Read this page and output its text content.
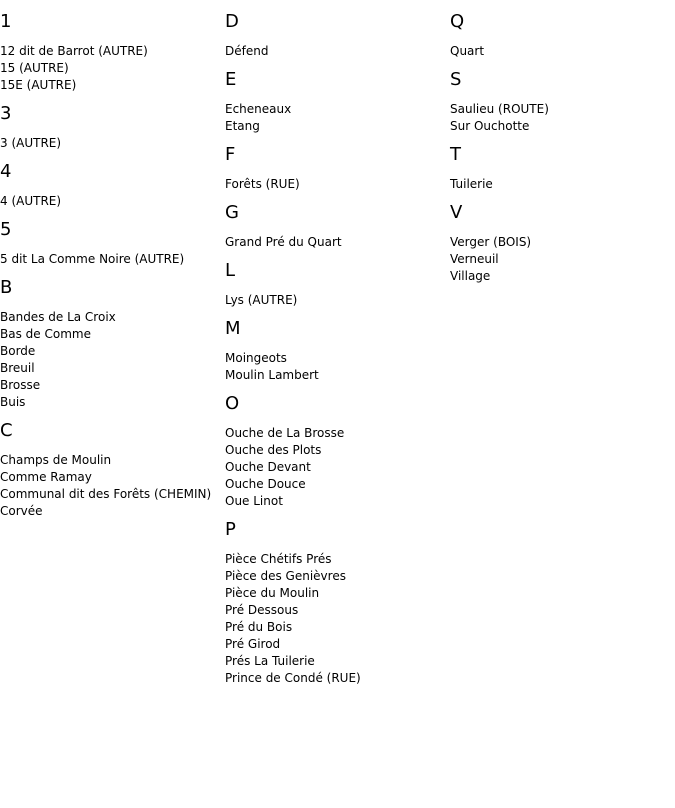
1
12 dit de Barrot (AUTRE)
15 (AUTRE)
15E (AUTRE)
3
3 (AUTRE)
4
4 (AUTRE)
5
5 dit La Comme Noire (AUTRE)
B
Bandes de La Croix
Bas de Comme
Borde
Breuil
Brosse
Buis
C
Champs de Moulin
Comme Ramay
Communal dit des Forêts (CHEMIN)
Corvée
D
Défend
E
Echeneaux
Etang
F
Forêts (RUE)
G
Grand Pré du Quart
L
Lys (AUTRE)
M
Moingeots
Moulin Lambert
O
Ouche de La Brosse
Ouche des Plots
Ouche Devant
Ouche Douce
Oue Linot
P
Pièce Chétifs Prés
Pièce des Genièvres
Pièce du Moulin
Pré Dessous
Pré du Bois
Pré Girod
Prés La Tuilerie
Prince de Condé (RUE)
Q
Quart
S
Saulieu (ROUTE)
Sur Ouchotte
T
Tuilerie
V
Verger (BOIS)
Verneuil
Village
